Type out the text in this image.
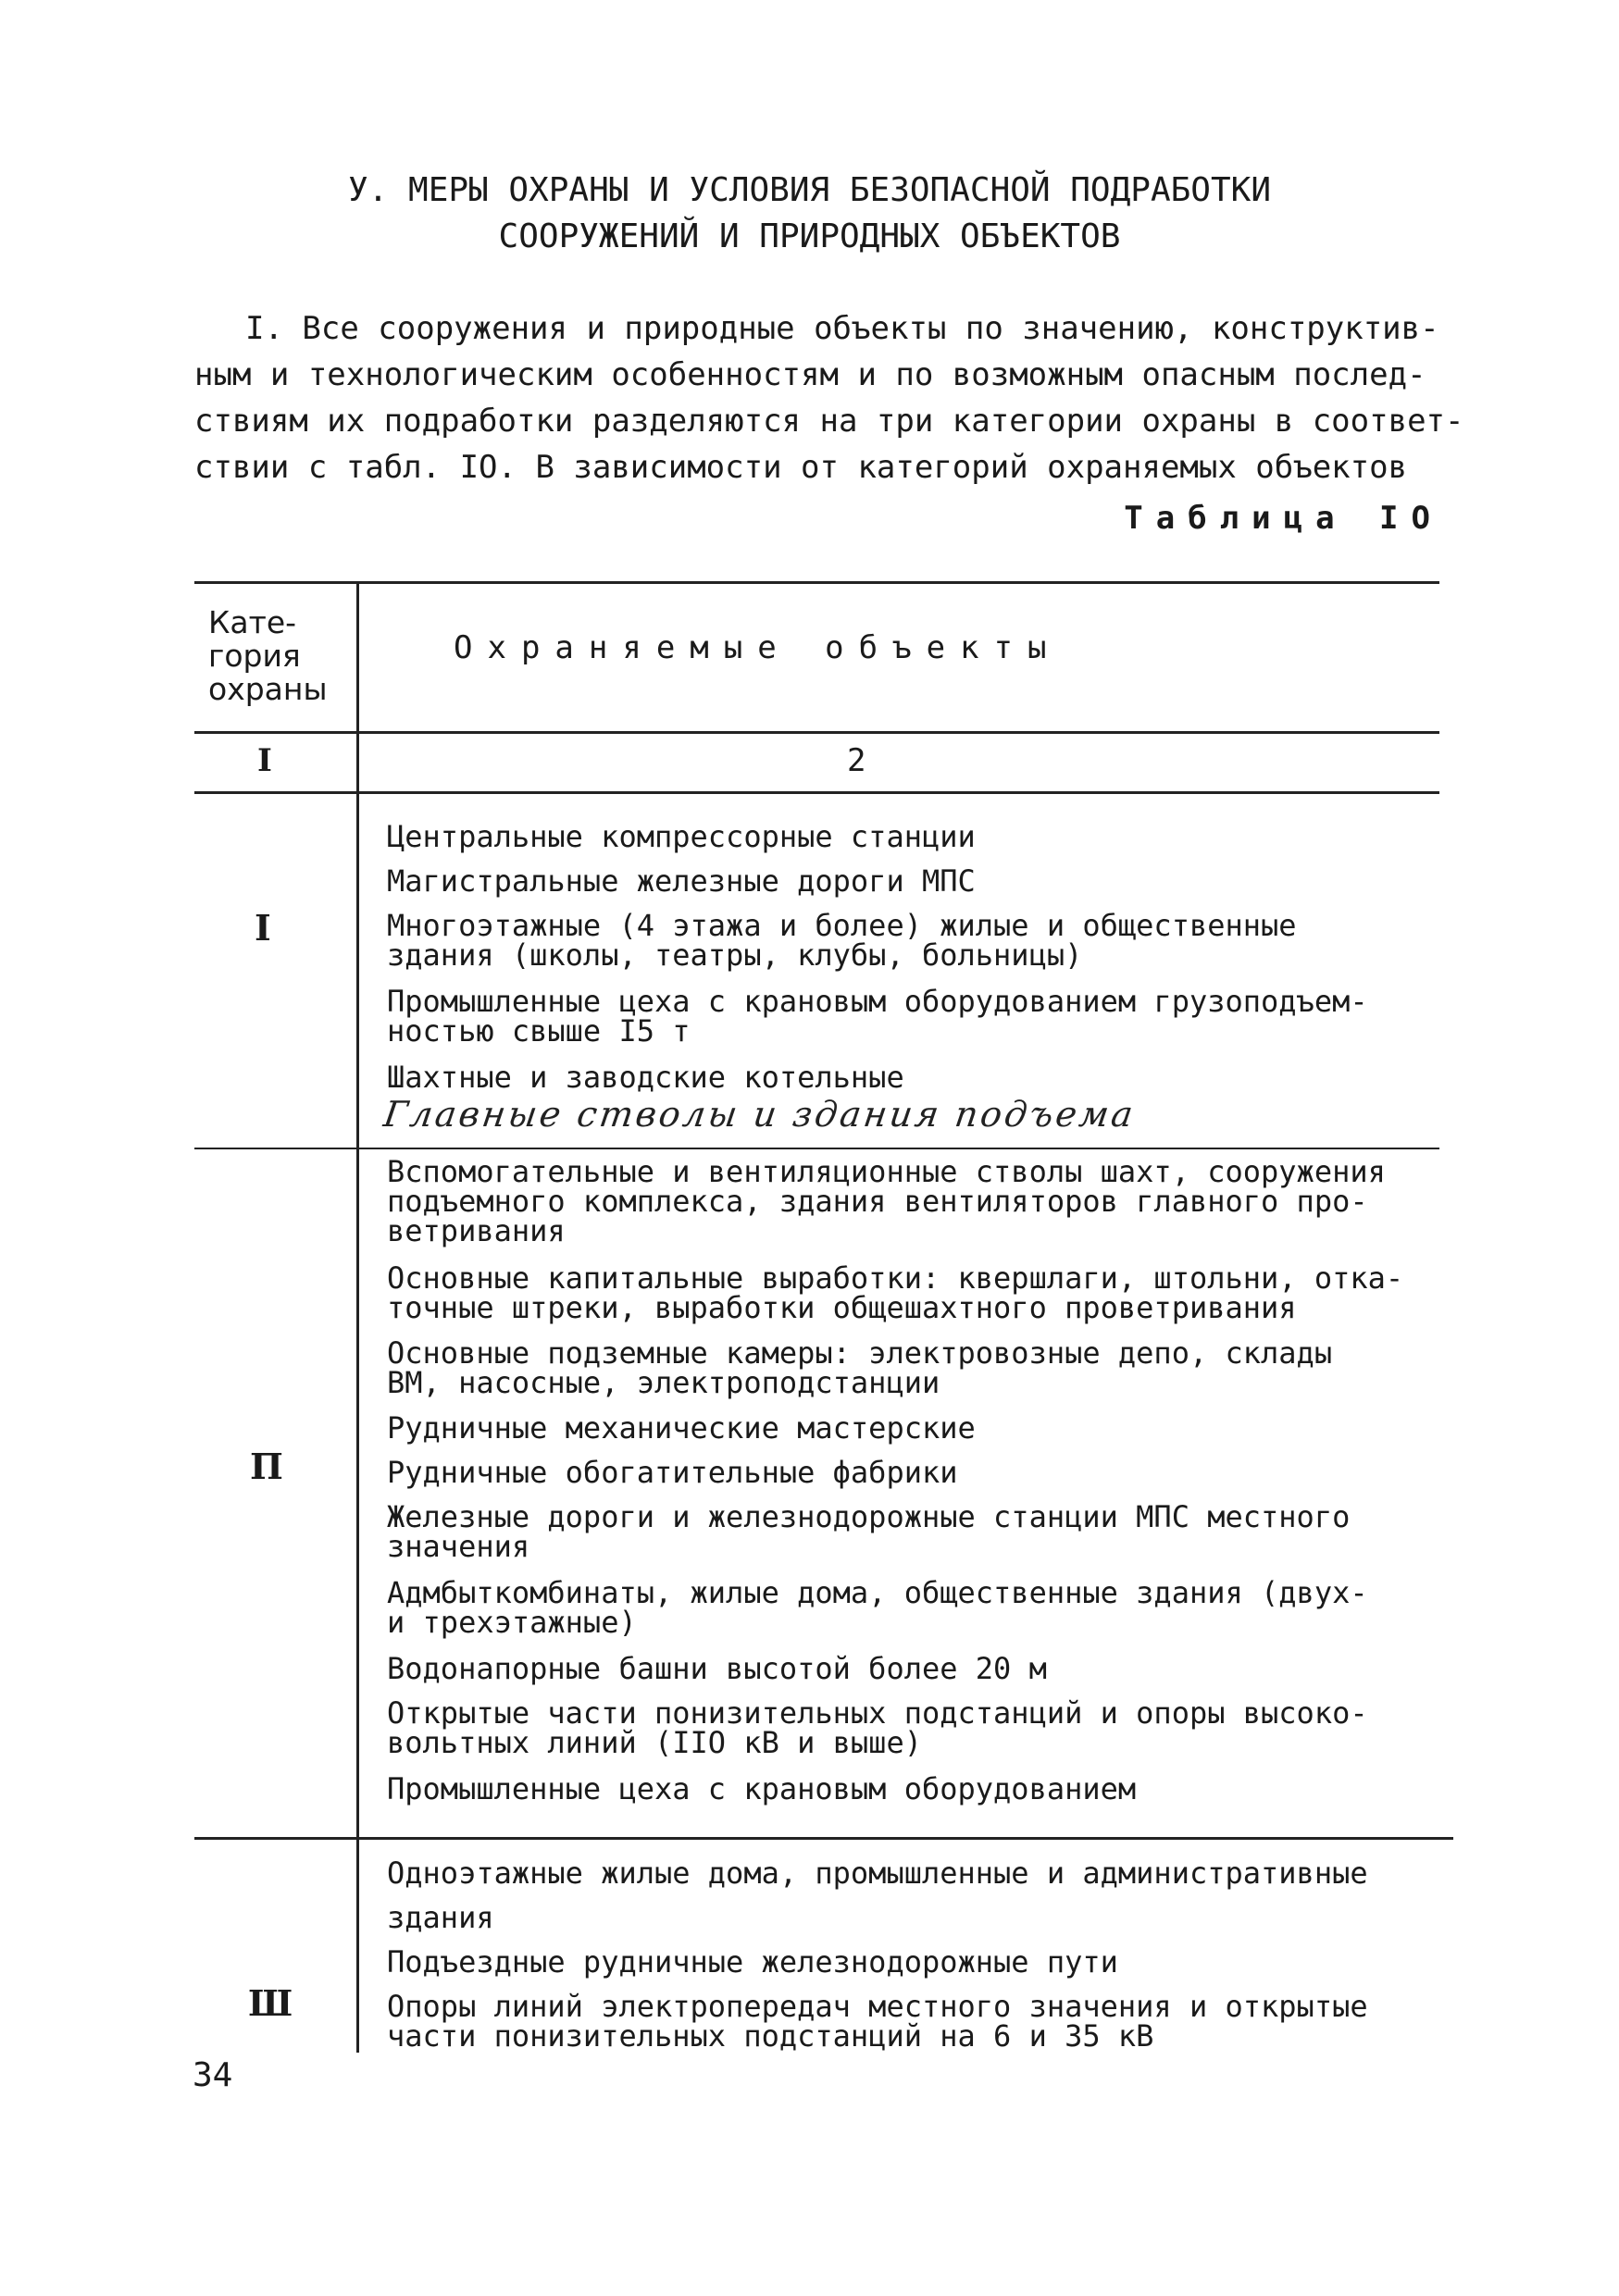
У. МЕРЫ ОХРАНЫ И УСЛОВИЯ БЕЗОПАСНОЙ ПОДРАБОТКИ
СООРУЖЕНИЙ И ПРИРОДНЫХ ОБЪЕКТОВ
I. Все сооружения и природные объекты по значению, конструктив-
ным и технологическим особенностям и по возможным опасным послед-
ствиям их подработки разделяются на три категории охраны в соответ-
ствии с табл. IO. В зависимости от категорий охраняемых объектов
Таблица IO
Кате-
гория
охраны
Охраняемые объекты
I	2
I
Центральные компрессорные станции
Магистральные железные дороги МПС
Многоэтажные (4 этажа и более) жилые и общественные
здания (школы, театры, клубы, больницы)
Промышленные цеха с крановым оборудованием грузоподъем-
ностью свыше I5 т
Шахтные и заводские котельные
Главные стволы и здания подъема
П
Вспомогательные и вентиляционные стволы шахт, сооружения
подъемного комплекса, здания вентиляторов главного про-
ветривания
Основные капитальные выработки: квершлаги, штольни, отка-
точные штреки, выработки общешахтного проветривания
Основные подземные камеры: электровозные депо, склады
ВМ, насосные, электроподстанции
Рудничные механические мастерские
Рудничные обогатительные фабрики
Железные дороги и железнодорожные станции МПС местного
значения
Адмбыткомбинаты, жилые дома, общественные здания (двух-
и трехэтажные)
Водонапорные башни высотой более 20 м
Открытые части понизительных подстанций и опоры высоко-
вольтных линий (IIO кВ и выше)
Промышленные цеха с крановым оборудованием
Ш
Одноэтажные жилые дома, промышленные и административные
здания
Подъездные рудничные железнодорожные пути
Опоры линий электропередач местного значения и открытые
части понизительных подстанций на 6 и 35 кВ
34
